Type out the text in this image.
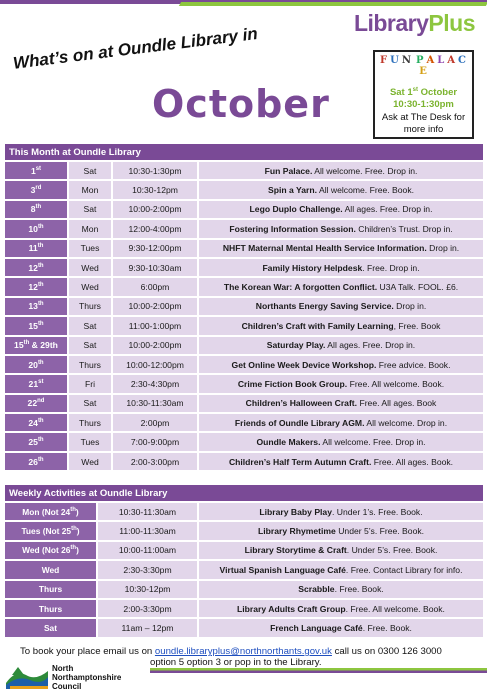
LibraryPlus
What’s on at Oundle Library in
October
F U N P A L A CE
Sat 1st October
10:30-1:30pm
Ask at The Desk for more info
This Month at Oundle Library			
1st	Sat	10:30-1:30pm	Fun Palace. All welcome. Free. Drop in.
3rd	Mon	10:30-12pm	Spin a Yarn. All welcome. Free. Book.
8th	Sat	10:00-2:00pm	Lego Duplo Challenge. All ages. Free. Drop in.
10th	Mon	12:00-4:00pm	Fostering Information Session. Children’s Trust. Drop in.
11th	Tues	9:30-12:00pm	NHFT Maternal Mental Health Service Information. Drop in.
12th	Wed	9:30-10:30am	Family History Helpdesk. Free. Drop in.
12th	Wed	6:00pm	The Korean War: A forgotten Conflict. U3A Talk. FOOL. £6.
13th	Thurs	10:00-2:00pm	Northants Energy Saving Service. Drop in.
15th	Sat	11:00-1:00pm	Children’s Craft with Family Learning, Free. Book
15th & 29th	Sat	10:00-2:00pm	Saturday Play. All ages. Free. Drop in.
20th	Thurs	10:00-12:00pm	Get Online Week Device Workshop. Free advice. Book.
21st	Fri	2:30-4:30pm	Crime Fiction Book Group. Free. All welcome. Book.
22nd	Sat	10:30-11:30am	Children’s Halloween Craft. Free. All ages. Book
24th	Thurs	2:00pm	Friends of Oundle Library AGM. All welcome. Drop in.
25th	Tues	7:00-9:00pm	Oundle Makers. All welcome. Free. Drop in.
26th	Wed	2:00-3:00pm	Children’s Half Term Autumn Craft. Free. All ages. Book.
Weekly Activities at Oundle Library		
Mon (Not 24th)	10:30-11:30am	Library Baby Play. Under 1’s. Free. Book.
Tues (Not 25th)	11:00-11:30am	Library Rhymetime Under 5’s. Free. Book.
Wed (Not 26th)	10:00-11:00am	Library Storytime & Craft. Under 5’s. Free. Book.
Wed	2:30-3:30pm	Virtual Spanish Language Café. Free. Contact Library for info.
Thurs	10:30-12pm	Scrabble. Free. Book.
Thurs	2:00-3:30pm	Library Adults Craft Group. Free. All welcome. Book.
Sat	11am – 12pm	French Language Café. Free. Book.
To book your place email us on oundle.libraryplus@northnorthants.gov.uk call us on 0300 126 3000
option 5 option 3 or pop in to the Library.
North
Northamptonshire
Council
